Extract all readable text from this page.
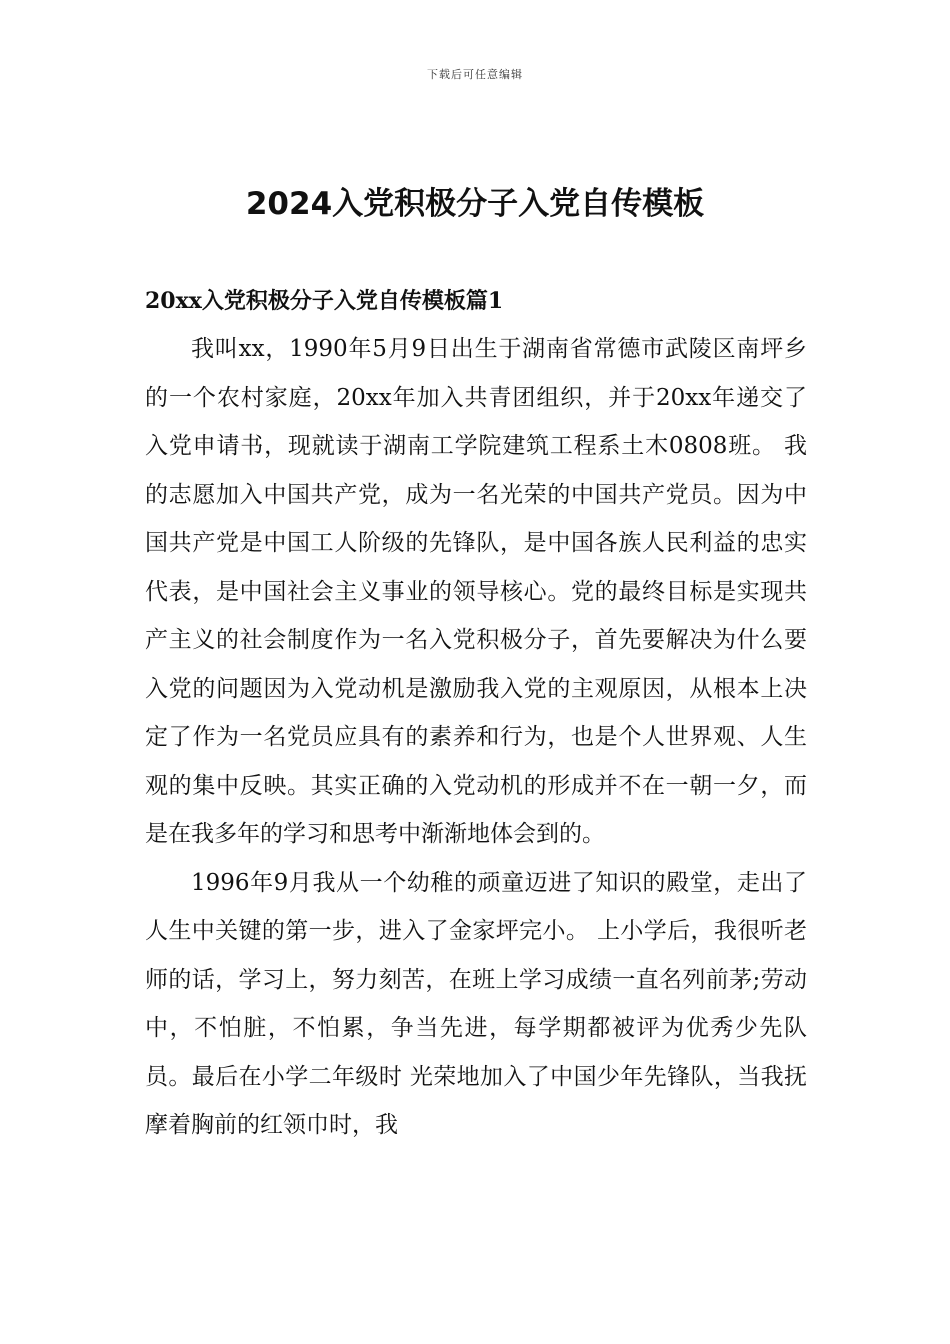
下载后可任意编辑
2024入党积极分子入党自传模板
20xx入党积极分子入党自传模板篇1

我叫xx，1990年5月9日出生于湖南省常德市武陵区南坪乡的一个农村家庭，20xx年加入共青团组织，并于20xx年递交了入党申请书，现就读于湖南工学院建筑工程系土木0808班。 我的志愿加入中国共产党，成为一名光荣的中国共产党员。因为中国共产党是中国工人阶级的先锋队，是中国各族人民利益的忠实代表，是中国社会主义事业的领导核心。党的最终目标是实现共产主义的社会制度作为一名入党积极分子，首先要解决为什么要入党的问题因为入党动机是激励我入党的主观原因，从根本上决定了作为一名党员应具有的素养和行为，也是个人世界观、人生观的集中反映。其实正确的入党动机的形成并不在一朝一夕，而是在我多年的学习和思考中渐渐地体会到的。

1996年9月我从一个幼稚的顽童迈进了知识的殿堂，走出了人生中关键的第一步，进入了金家坪完小。 上小学后，我很听老师的话，学习上，努力刻苦，在班上学习成绩一直名列前茅;劳动中，不怕脏，不怕累，争当先进，每学期都被评为优秀少先队员。最后在小学二年级时 光荣地加入了中国少年先锋队，当我抚摩着胸前的红领巾时，我
